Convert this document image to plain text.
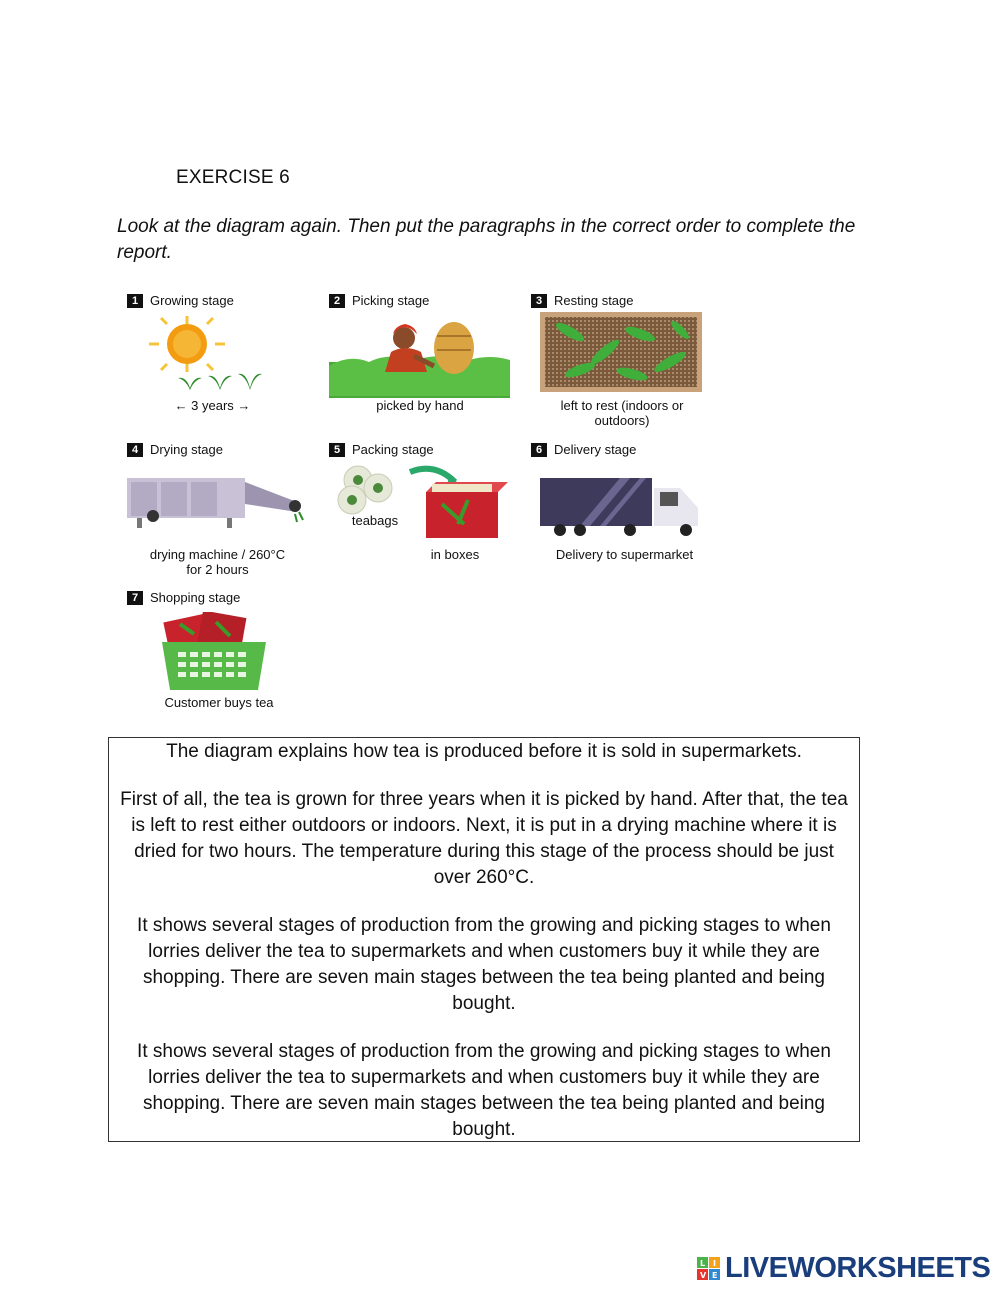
EXERCISE 6
Look at the diagram again. Then put the paragraphs in the correct order to complete the report.
1 Growing stage
← 3 years →
2 Picking stage
picked by hand
3 Resting stage
left to rest (indoors or
outdoors)
4 Drying stage
drying machine / 260°C
for 2 hours
5 Packing stage
teabags
in boxes
6 Delivery stage
Delivery to supermarket
7 Shopping stage
Customer buys tea

The diagram explains how tea is produced before it is sold in supermarkets.

First of all, the tea is grown for three years when it is picked by hand. After that, the tea is left to rest either outdoors or indoors. Next, it is put in a drying machine where it is dried for two hours. The temperature during this stage of the process should be just over 260°C.

It shows several stages of production from the growing and picking stages to when lorries deliver the tea to supermarkets and when customers buy it while they are shopping. There are seven main stages between the tea being planted and being bought.

It shows several stages of production from the growing and picking stages to when lorries deliver the tea to supermarkets and when customers buy it while they are shopping. There are seven main stages between the tea being planted and being bought.

L I
V E LIVEWORKSHEETS
